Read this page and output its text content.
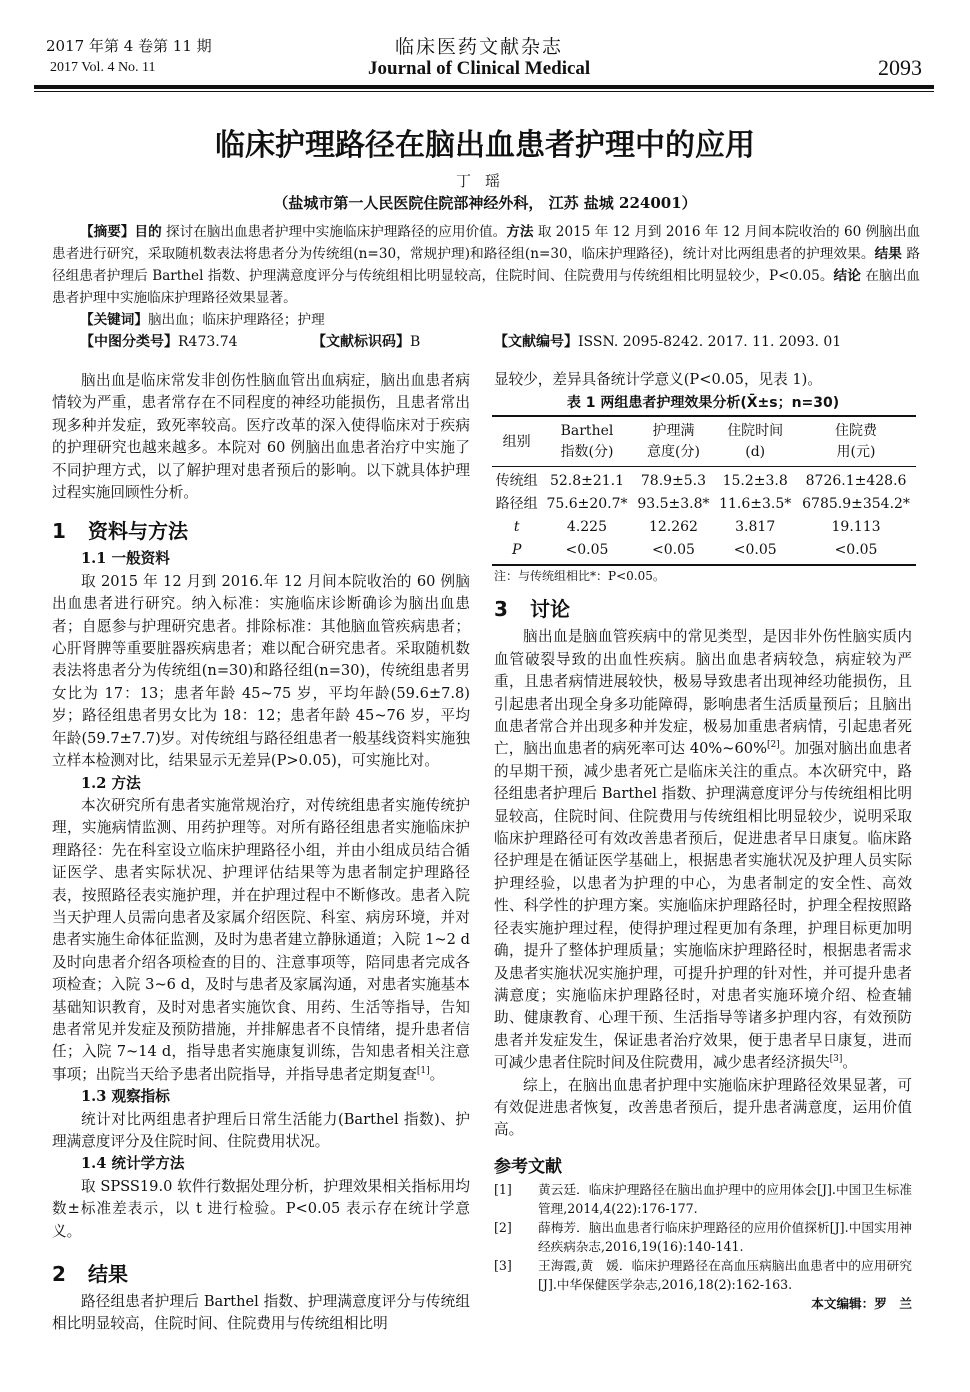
2017 年第 4 卷第 11 期
2017 Vol. 4 No. 11
临床医药文献杂志
Journal of Clinical Medical	2093
临床护理路径在脑出血患者护理中的应用
丁瑶
（盐城市第一人民医院住院部神经外科， 江苏 盐城 224001）
【摘要】目的 探讨在脑出血患者护理中实施临床护理路径的应用价值。方法 取 2015 年 12 月到 2016 年 12 月间本院收治的 60 例脑出血患者进行研究，采取随机数表法将患者分为传统组(n=30，常规护理)和路径组(n=30，临床护理路径)，统计对比两组患者的护理效果。结果 路径组患者护理后 Barthel 指数、护理满意度评分与传统组相比明显较高，住院时间、住院费用与传统组相比明显较少，P<0.05。结论 在脑出血患者护理中实施临床护理路径效果显著。
【关键词】脑出血；临床护理路径；护理
【中图分类号】R473.74	【文献标识码】B	【文献编号】ISSN. 2095-8242. 2017. 11. 2093. 01

脑出血是临床常发非创伤性脑血管出血病症，脑出血患者病情较为严重，患者常存在不同程度的神经功能损伤，且患者常出现多种并发症，致死率较高。医疗改革的深入使得临床对于疾病的护理研究也越来越多。本院对 60 例脑出血患者治疗中实施了不同护理方式，以了解护理对患者预后的影响。以下就具体护理过程实施回顾性分析。

1 资料与方法
1.1 一般资料

取 2015 年 12 月到 2016.年 12 月间本院收治的 60 例脑出血患者进行研究。纳入标准：实施临床诊断确诊为脑出血患者；自愿参与护理研究患者。排除标准：其他脑血管疾病患者；心肝肾脾等重要脏器疾病患者；难以配合研究患者。采取随机数表法将患者分为传统组(n=30)和路径组(n=30)，传统组患者男女比为 17：13；患者年龄 45~75 岁，平均年龄(59.6±7.8)岁；路径组患者男女比为 18：12；患者年龄 45~76 岁，平均年龄(59.7±7.7)岁。对传统组与路径组患者一般基线资料实施独立样本检测对比，结果显示无差异(P>0.05)，可实施比对。

1.2 方法

本次研究所有患者实施常规治疗，对传统组患者实施传统护理，实施病情监测、用药护理等。对所有路径组患者实施临床护理路径：先在科室设立临床护理路径小组，并由小组成员结合循证医学、患者实际状况、护理评估结果等为患者制定护理路径表，按照路径表实施护理，并在护理过程中不断修改。患者入院当天护理人员需向患者及家属介绍医院、科室、病房环境，并对患者实施生命体征监测，及时为患者建立静脉通道；入院 1~2 d 及时向患者介绍各项检查的目的、注意事项等，陪同患者完成各项检查；入院 3~6 d，及时与患者及家属沟通，对患者实施基本基础知识教育，及时对患者实施饮食、用药、生活等指导，告知患者常见并发症及预防措施，并排解患者不良情绪，提升患者信任；入院 7~14 d，指导患者实施康复训练，告知患者相关注意事项；出院当天给予患者出院指导，并指导患者定期复查[1]。

1.3 观察指标

统计对比两组患者护理后日常生活能力(Barthel 指数)、护理满意度评分及住院时间、住院费用状况。

1.4 统计学方法

取 SPSS19.0 软件行数据处理分析，护理效果相关指标用均数±标准差表示，以 t 进行检验。P<0.05 表示存在统计学意义。

2 结果

路径组患者护理后 Barthel 指数、护理满意度评分与传统组相比明显较高，住院时间、住院费用与传统组相比明

显较少，差异具备统计学意义(P<0.05，见表 1)。

表 1 两组患者护理效果分析(X̄±s；n=30)
组别	Barthel
指数(分)	护理满
意度(分)	住院时间
(d)	住院费
用(元)
传统组	52.8±21.1	78.9±5.3	15.2±3.8	8726.1±428.6
路径组	75.6±20.7*	93.5±3.8*	11.6±3.5*	6785.9±354.2*
t	4.225	12.262	3.817	19.113
P	<0.05	<0.05	<0.05	<0.05
注：与传统组相比*：P<0.05。
3 讨论

脑出血是脑血管疾病中的常见类型，是因非外伤性脑实质内血管破裂导致的出血性疾病。脑出血患者病较急，病症较为严重，且患者病情进展较快，极易导致患者出现神经功能损伤，且引起患者出现全身多功能障碍，影响患者生活质量预后；且脑出血患者常合并出现多种并发症，极易加重患者病情，引起患者死亡，脑出血患者的病死率可达 40%~60%[2]。加强对脑出血患者的早期干预，减少患者死亡是临床关注的重点。本次研究中，路径组患者护理后 Barthel 指数、护理满意度评分与传统组相比明显较高，住院时间、住院费用与传统组相比明显较少，说明采取临床护理路径可有效改善患者预后，促进患者早日康复。临床路径护理是在循证医学基础上，根据患者实施状况及护理人员实际护理经验，以患者为护理的中心，为患者制定的安全性、高效性、科学性的护理方案。实施临床护理路径时，护理全程按照路径表实施护理过程，使得护理过程更加有条理，护理目标更加明确，提升了整体护理质量；实施临床护理路径时，根据患者需求及患者实施状况实施护理，可提升护理的针对性，并可提升患者满意度；实施临床护理路径时，对患者实施环境介绍、检查辅助、健康教育、心理干预、生活指导等诸多护理内容，有效预防患者并发症发生，保证患者治疗效果，便于患者早日康复，进而可减少患者住院时间及住院费用，减少患者经济损失[3]。

综上，在脑出血患者护理中实施临床护理路径效果显著，可有效促进患者恢复，改善患者预后，提升患者满意度，运用价值高。

参考文献

[1] 黄云廷．临床护理路径在脑出血护理中的应用体会[J].中国卫生标准管理,2014,4(22):176-177.

[2] 薛梅芳．脑出血患者行临床护理路径的应用价值探析[J].中国实用神经疾病杂志,2016,19(16):140-141.

[3] 王海霞,黄　媛．临床护理路径在高血压病脑出血患者中的应用研究[J].中华保健医学杂志,2016,18(2):162-163.

本文编辑：罗　兰
